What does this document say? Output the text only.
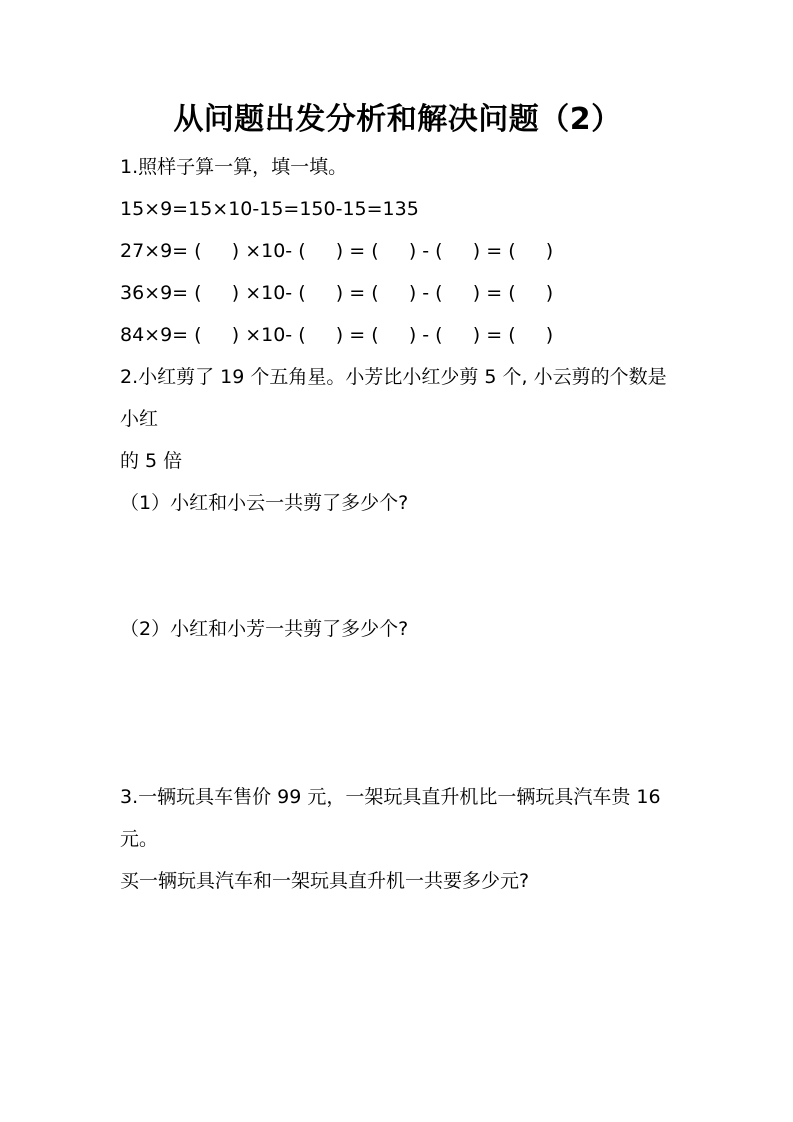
从问题出发分析和解决问题（2）

1.照样子算一算，填一填。

15×9=15×10-15=150-15=135

27×9= (     ) ×10- (     ) = (     ) - (     ) = (     )

36×9= (     ) ×10- (     ) = (     ) - (     ) = (     )

84×9= (     ) ×10- (     ) = (     ) - (     ) = (     )

2.小红剪了 19 个五角星。小芳比小红少剪 5 个, 小云剪的个数是小红

的 5 倍

（1）小红和小云一共剪了多少个?

（2）小红和小芳一共剪了多少个?

3.一辆玩具车售价 99 元，一架玩具直升机比一辆玩具汽车贵 16 元。

买一辆玩具汽车和一架玩具直升机一共要多少元?
